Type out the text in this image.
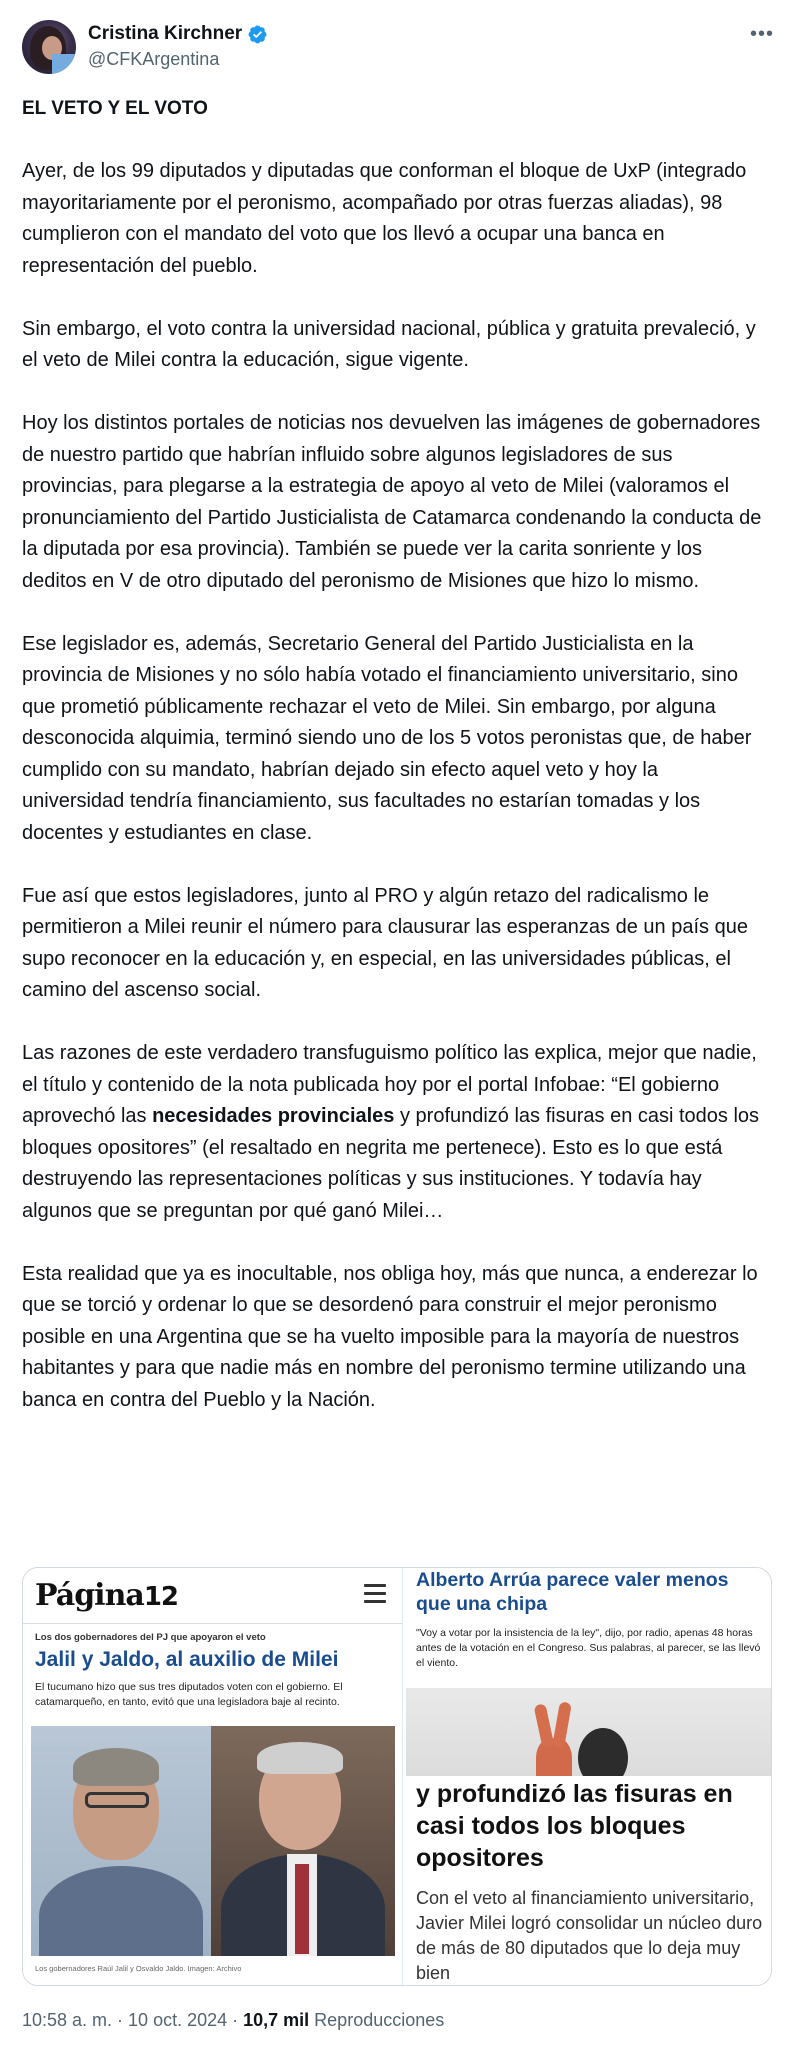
Cristina Kirchner
@CFKArgentina
•••
EL VETO Y EL VOTO

Ayer, de los 99 diputados y diputadas que conforman el bloque de UxP (integrado mayoritariamente por el peronismo, acompañado por otras fuerzas aliadas), 98 cumplieron con el mandato del voto que los llevó a ocupar una banca en representación del pueblo.

Sin embargo, el voto contra la universidad nacional, pública y gratuita prevaleció, y el veto de Milei contra la educación, sigue vigente.

Hoy los distintos portales de noticias nos devuelven las imágenes de gobernadores de nuestro partido que habrían influido sobre algunos legisladores de sus provincias, para plegarse a la estrategia de apoyo al veto de Milei (valoramos el pronunciamiento del Partido Justicialista de Catamarca condenando la conducta de la diputada por esa provincia). También se puede ver la carita sonriente y los deditos en V de otro diputado del peronismo de Misiones que hizo lo mismo.

Ese legislador es, además, Secretario General del Partido Justicialista en la provincia de Misiones y no sólo había votado el financiamiento universitario, sino que prometió públicamente rechazar el veto de Milei. Sin embargo, por alguna desconocida alquimia, terminó siendo uno de los 5 votos peronistas que, de haber cumplido con su mandato, habrían dejado sin efecto aquel veto y hoy la universidad tendría financiamiento, sus facultades no estarían tomadas y los docentes y estudiantes en clase.

Fue así que estos legisladores, junto al PRO y algún retazo del radicalismo le permitieron a Milei reunir el número para clausurar las esperanzas de un país que supo reconocer en la educación y, en especial, en las universidades públicas, el camino del ascenso social.

Las razones de este verdadero transfuguismo político las explica, mejor que nadie, el título y contenido de la nota publicada hoy por el portal Infobae: “El gobierno aprovechó las necesidades provinciales y profundizó las fisuras en casi todos los bloques opositores” (el resaltado en negrita me pertenece). Esto es lo que está destruyendo las representaciones políticas y sus instituciones. Y todavía hay algunos que se preguntan por qué ganó Milei…

Esta realidad que ya es inocultable, nos obliga hoy, más que nunca, a enderezar lo que se torció y ordenar lo que se desordenó para construir el mejor peronismo posible en una Argentina que se ha vuelto imposible para la mayoría de nuestros habitantes y para que nadie más en nombre del peronismo termine utilizando una banca en contra del Pueblo y la Nación.

Página12
Los dos gobernadores del PJ que apoyaron el veto
Jalil y Jaldo, al auxilio de Milei
El tucumano hizo que sus tres diputados voten con el gobierno. El catamarqueño, en tanto, evitó que una legisladora baje al recinto.
Los gobernadores Raúl Jalil y Osvaldo Jaldo. Imagen: Archivo
Alberto Arrúa parece valer menos que una chipa
"Voy a votar por la insistencia de la ley", dijo, por radio, apenas 48 horas antes de la votación en el Congreso. Sus palabras, al parecer, se las llevó el viento.
y profundizó las fisuras en casi todos los bloques opositores
Con el veto al financiamiento universitario, Javier Milei logró consolidar un núcleo duro de más de 80 diputados que lo deja muy bien
10:58 a. m. · 10 oct. 2024 · 10,7 mil Reproducciones
